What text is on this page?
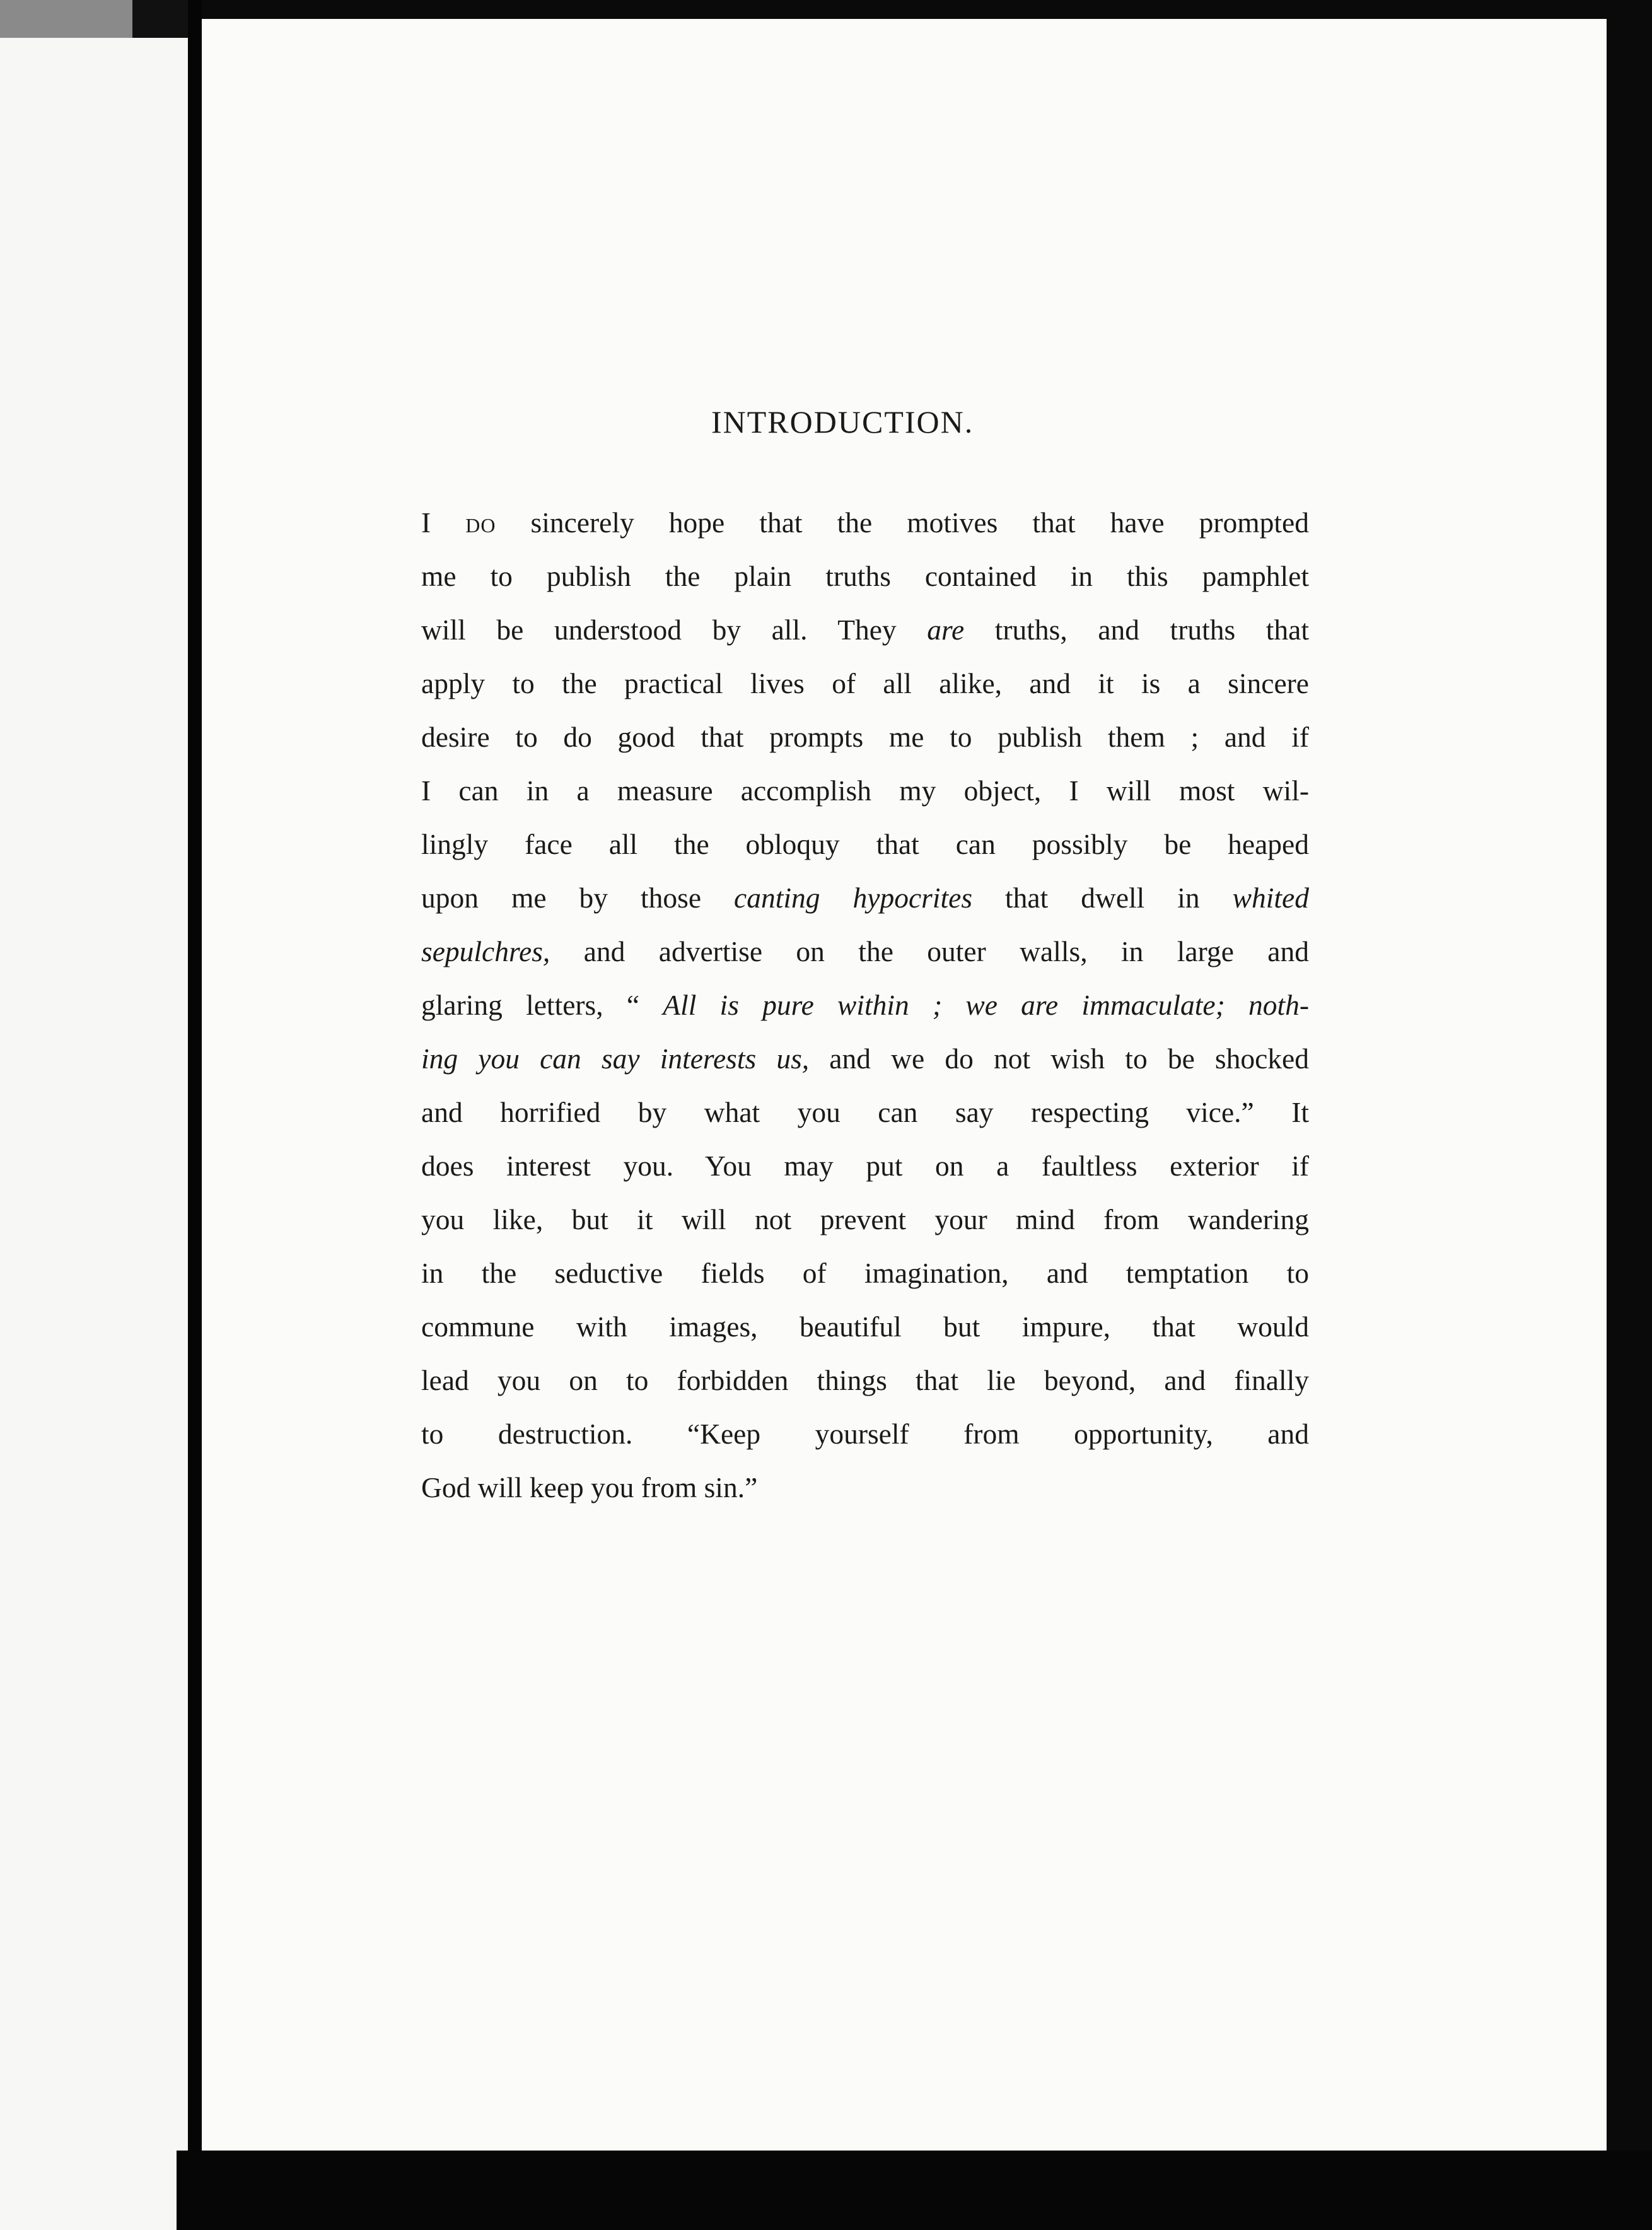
INTRODUCTION.
I DO sincerely hope that the motives that have prompted
me to publish the plain truths contained in this pamphlet
will be understood by all. They are truths, and truths that
apply to the practical lives of all alike, and it is a sincere
desire to do good that prompts me to publish them ; and if
I can in a measure accomplish my object, I will most wil-
lingly face all the obloquy that can possibly be heaped
upon me by those canting hypocrites that dwell in whited
sepulchres, and advertise on the outer walls, in large and
glaring letters, “ All is pure within ; we are immaculate; noth-
ing you can say interests us, and we do not wish to be shocked
and horrified by what you can say respecting vice.” It
does interest you. You may put on a faultless exterior if
you like, but it will not prevent your mind from wandering
in the seductive fields of imagination, and temptation to
commune with images, beautiful but impure, that would
lead you on to forbidden things that lie beyond, and finally
to destruction. “Keep yourself from opportunity, and
God will keep you from sin.”
